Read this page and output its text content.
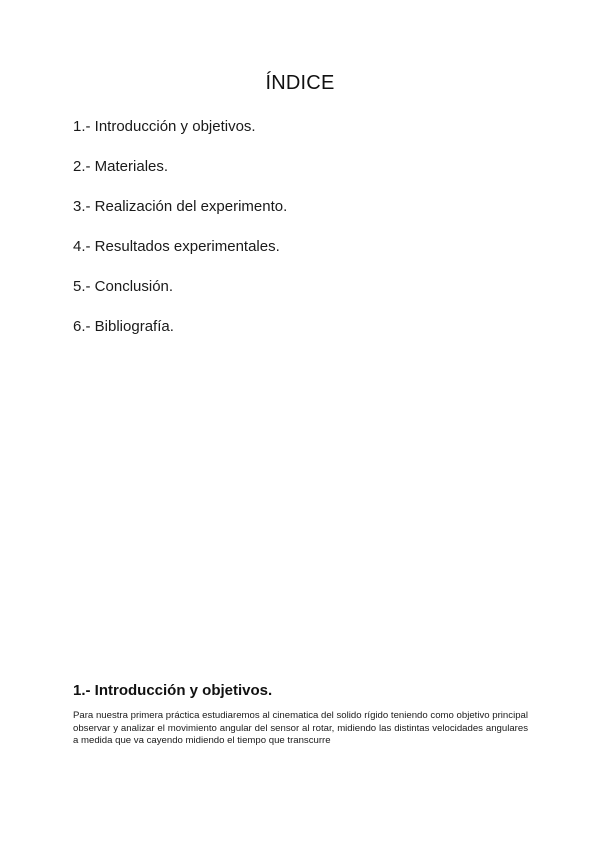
ÍNDICE
1.- Introducción y objetivos.
2.- Materiales.
3.- Realización del experimento.
4.- Resultados experimentales.
5.- Conclusión.
6.- Bibliografía.
1.- Introducción y objetivos.

Para nuestra primera práctica estudiaremos al cinematica del solido rígido teniendo como objetivo principal observar y analizar el movimiento angular del sensor al rotar, midiendo las distintas velocidades angulares a medida que va cayendo midiendo el tiempo que transcurre
